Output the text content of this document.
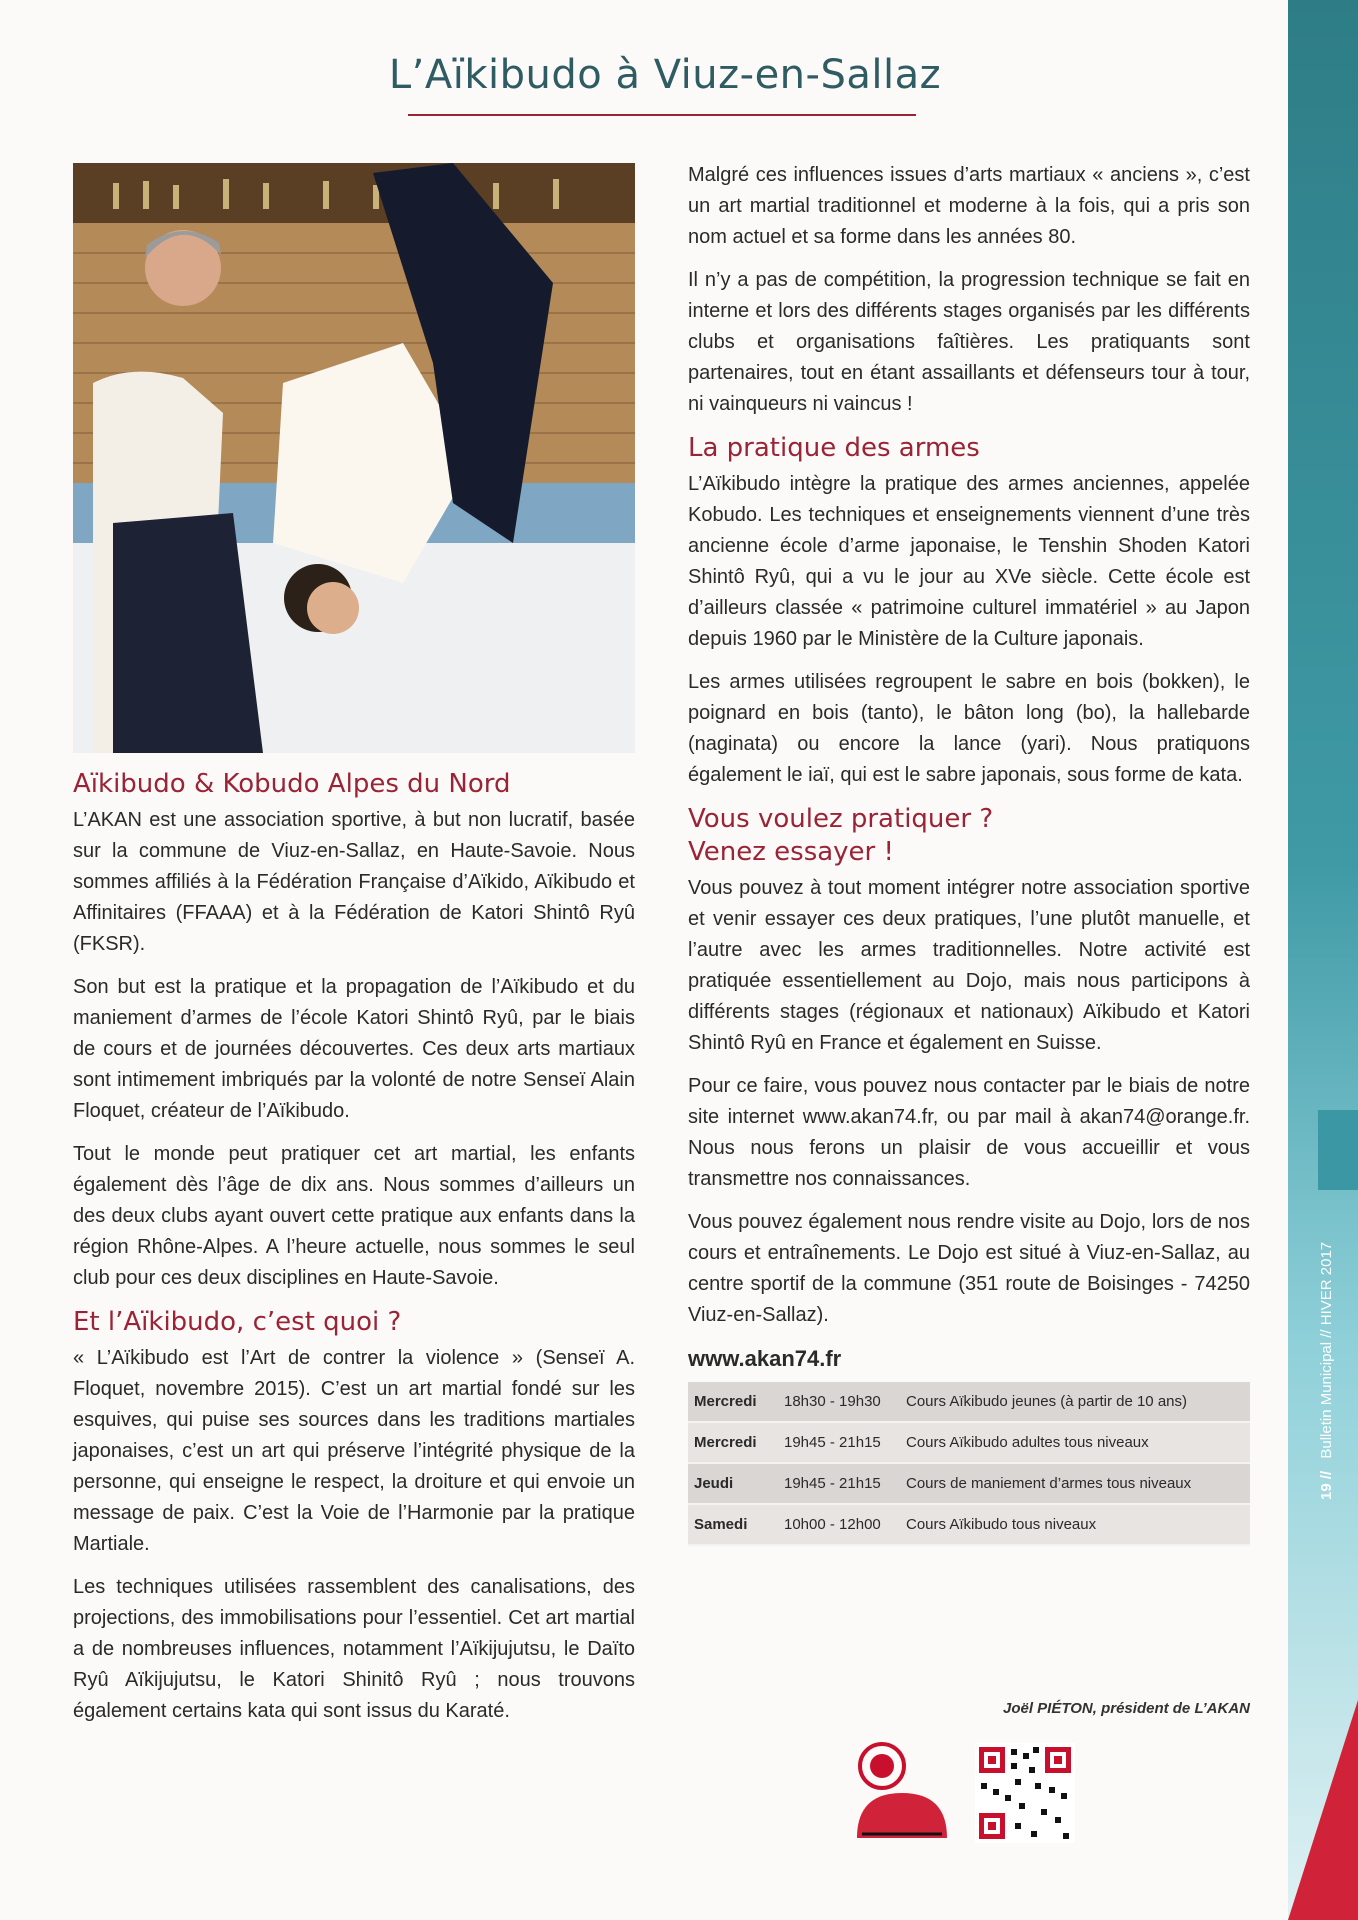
19 // Bulletin Municipal // HIVER 2017
L’Aïkibudo à Viuz-en-Sallaz
Aïkibudo & Kobudo Alpes du Nord

L’AKAN est une association sportive, à but non lucratif, basée sur la commune de Viuz-en-Sallaz, en Haute-Savoie. Nous sommes affiliés à la Fédération Française d’Aïkido, Aïkibudo et Affinitaires (FFAAA) et à la Fédération de Katori Shintô Ryû (FKSR).

Son but est la pratique et la propagation de l’Aïkibudo et du maniement d’armes de l’école Katori Shintô Ryû, par le biais de cours et de journées découvertes. Ces deux arts martiaux sont intimement imbriqués par la volonté de notre Senseï Alain Floquet, créateur de l’Aïkibudo.

Tout le monde peut pratiquer cet art martial, les enfants également dès l’âge de dix ans. Nous sommes d’ailleurs un des deux clubs ayant ouvert cette pratique aux enfants dans la région Rhône-Alpes. A l’heure actuelle, nous sommes le seul club pour ces deux disciplines en Haute-Savoie.

Et l’Aïkibudo, c’est quoi ?

« L’Aïkibudo est l’Art de contrer la violence » (Senseï A. Floquet, novembre 2015). C’est un art martial fondé sur les esquives, qui puise ses sources dans les traditions martiales japonaises, c’est un art qui préserve l’intégrité physique de la personne, qui enseigne le respect, la droiture et qui envoie un message de paix. C’est la Voie de l’Harmonie par la pratique Martiale.

Les techniques utilisées rassemblent des canalisations, des projections, des immobilisations pour l’essentiel. Cet art martial a de nombreuses influences, notamment l’Aïkijujutsu, le Daïto Ryû Aïkijujutsu, le Katori Shinitô Ryû ; nous trouvons également certains kata qui sont issus du Karaté.

Malgré ces influences issues d’arts martiaux « anciens », c’est un art martial traditionnel et moderne à la fois, qui a pris son nom actuel et sa forme dans les années 80.

Il n’y a pas de compétition, la progression technique se fait en interne et lors des différents stages organisés par les différents clubs et organisations faîtières. Les pratiquants sont partenaires, tout en étant assaillants et défenseurs tour à tour, ni vainqueurs ni vaincus !

La pratique des armes

L’Aïkibudo intègre la pratique des armes anciennes, appelée Kobudo. Les techniques et enseignements viennent d’une très ancienne école d’arme japonaise, le Tenshin Shoden Katori Shintô Ryû, qui a vu le jour au XVe siècle. Cette école est d’ailleurs classée « patrimoine culturel immatériel » au Japon depuis 1960 par le Ministère de la Culture japonais.

Les armes utilisées regroupent le sabre en bois (bokken), le poignard en bois (tanto), le bâton long (bo), la hallebarde (naginata) ou encore la lance (yari). Nous pratiquons également le iaï, qui est le sabre japonais, sous forme de kata.

Vous voulez pratiquer ?
Venez essayer !

Vous pouvez à tout moment intégrer notre association sportive et venir essayer ces deux pratiques, l’une plutôt manuelle, et l’autre avec les armes traditionnelles. Notre activité est pratiquée essentiellement au Dojo, mais nous participons à différents stages (régionaux et nationaux) Aïkibudo et Katori Shintô Ryû en France et également en Suisse.

Pour ce faire, vous pouvez nous contacter par le biais de notre site internet www.akan74.fr, ou par mail à akan74@orange.fr. Nous nous ferons un plaisir de vous accueillir et vous transmettre nos connaissances.

Vous pouvez également nous rendre visite au Dojo, lors de nos cours et entraînements. Le Dojo est situé à Viuz-en-Sallaz, au centre sportif de la commune (351 route de Boisinges - 74250 Viuz-en-Sallaz).

www.akan74.fr
Mercredi	18h30 - 19h30	Cours Aïkibudo jeunes (à partir de 10 ans)
Mercredi	19h45 - 21h15	Cours Aïkibudo adultes tous niveaux
Jeudi	19h45 - 21h15	Cours de maniement d’armes tous niveaux
Samedi	10h00 - 12h00	Cours Aïkibudo tous niveaux
Joël PIÉTON, président de L’AKAN
